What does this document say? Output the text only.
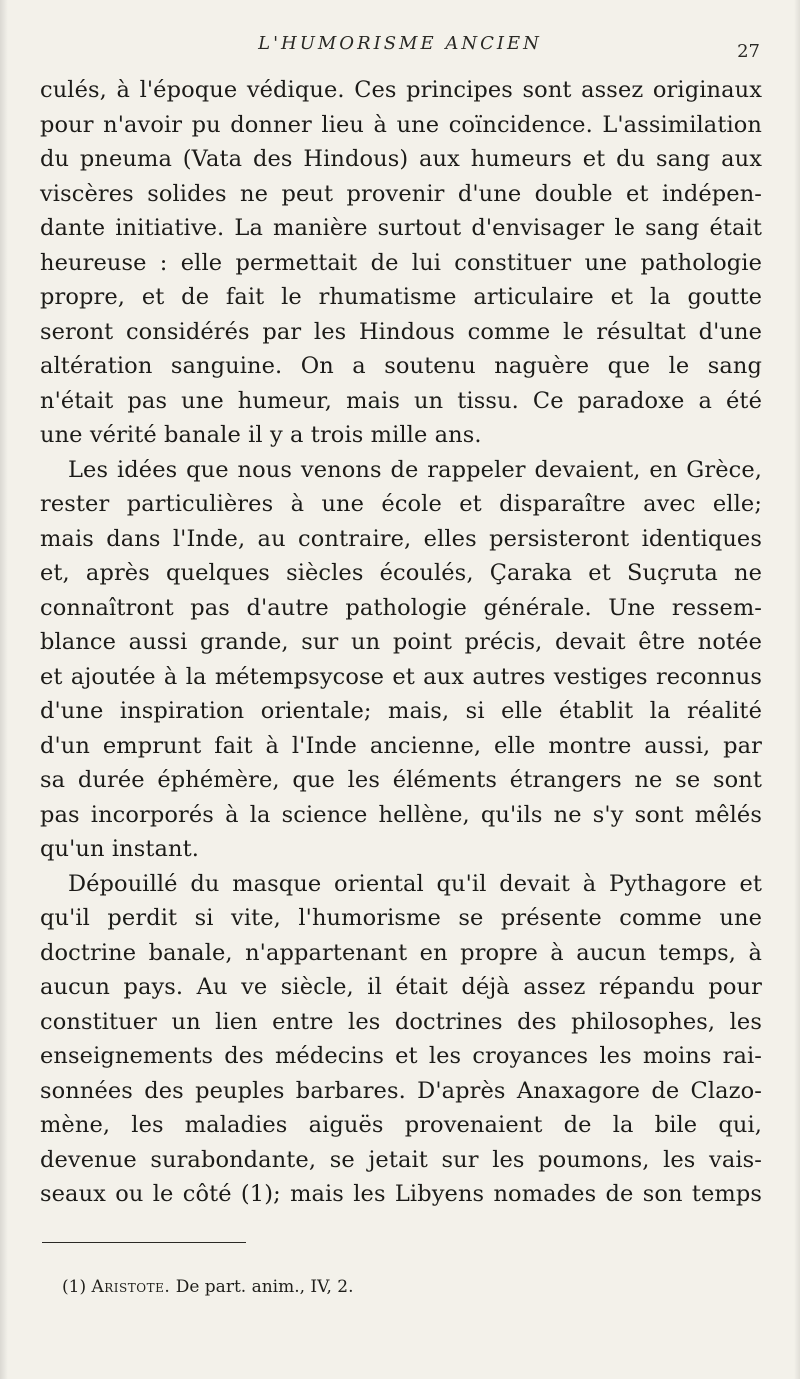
L'HUMORISME ANCIEN	27
culés, à l'époque védique. Ces principes sont assez originaux
pour n'avoir pu donner lieu à une coïncidence. L'assimilation
du pneuma (Vata des Hindous) aux humeurs et du sang aux
viscères solides ne peut provenir d'une double et indépen-
dante initiative. La manière surtout d'envisager le sang était
heureuse : elle permettait de lui constituer une pathologie
propre, et de fait le rhumatisme articulaire et la goutte
seront considérés par les Hindous comme le résultat d'une
altération sanguine. On a soutenu naguère que le sang
n'était pas une humeur, mais un tissu. Ce paradoxe a été
une vérité banale il y a trois mille ans.
Les idées que nous venons de rappeler devaient, en Grèce,
rester particulières à une école et disparaître avec elle;
mais dans l'Inde, au contraire, elles persisteront identiques
et, après quelques siècles écoulés, Çaraka et Suçruta ne
connaîtront pas d'autre pathologie générale. Une ressem-
blance aussi grande, sur un point précis, devait être notée
et ajoutée à la métempsycose et aux autres vestiges reconnus
d'une inspiration orientale; mais, si elle établit la réalité
d'un emprunt fait à l'Inde ancienne, elle montre aussi, par
sa durée éphémère, que les éléments étrangers ne se sont
pas incorporés à la science hellène, qu'ils ne s'y sont mêlés
qu'un instant.
Dépouillé du masque oriental qu'il devait à Pythagore et
qu'il perdit si vite, l'humorisme se présente comme une
doctrine banale, n'appartenant en propre à aucun temps, à
aucun pays. Au ve siècle, il était déjà assez répandu pour
constituer un lien entre les doctrines des philosophes, les
enseignements des médecins et les croyances les moins rai-
sonnées des peuples barbares. D'après Anaxagore de Clazo-
mène, les maladies aiguës provenaient de la bile qui,
devenue surabondante, se jetait sur les poumons, les vais-
seaux ou le côté (1); mais les Libyens nomades de son temps
(1) Aristote. De part. anim., IV, 2.
